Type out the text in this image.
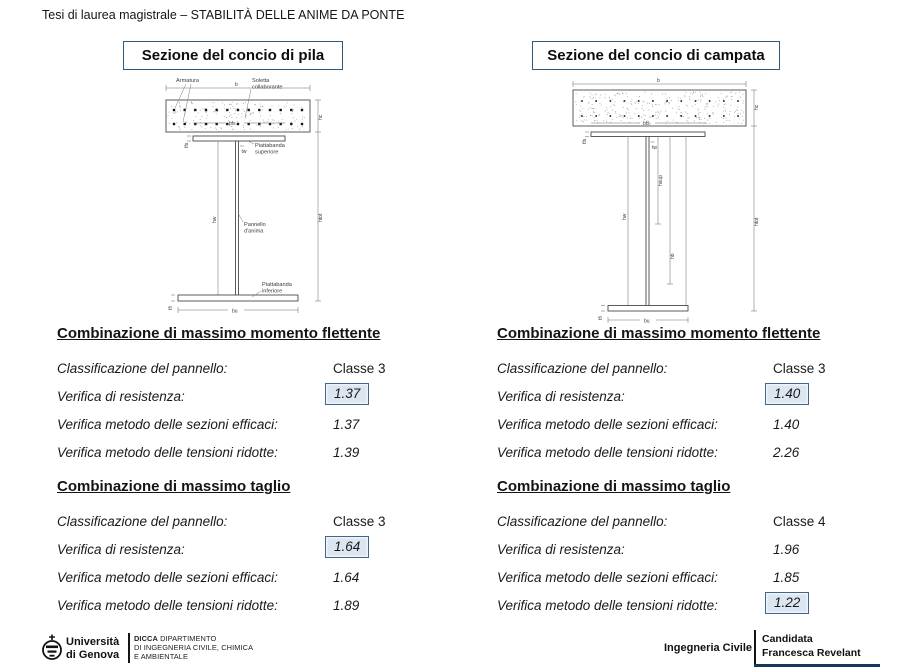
Tesi di laurea magistrale – STABILITÀ DELLE ANIME DA PONTE
Sezione del concio di pila	Sezione del concio di campata
b
bfs
hc
htot
Armatura	Soletta
collaborante
tfs
tw
Piattabanda
superiore
hw
Pannello
d'anima
Piattabanda
inferiore
tfi
bu
b
bfs
hc
htot
tfs
tw
hw
hsup
hb
tfi
bu
Combinazione di massimo momento flettente
Classificazione del pannello:	Classe 3
Verifica di resistenza:	1.37
Verifica metodo delle sezioni efficaci:	1.37
Verifica metodo delle tensioni ridotte:	1.39
Combinazione di massimo taglio
Classificazione del pannello:	Classe 3
Verifica di resistenza:	1.64
Verifica metodo delle sezioni efficaci:	1.64
Verifica metodo delle tensioni ridotte:	1.89
Combinazione di massimo momento flettente
Classificazione del pannello:	Classe 3
Verifica di resistenza:	1.40
Verifica metodo delle sezioni efficaci:	1.40
Verifica metodo delle tensioni ridotte:	2.26
Combinazione di massimo taglio
Classificazione del pannello:	Classe 4
Verifica di resistenza:	1.96
Verifica metodo delle sezioni efficaci:	1.85
Verifica metodo delle tensioni ridotte:	1.22
Università
di Genova
DICCA DIPARTIMENTO
DI INGEGNERIA CIVILE, CHIMICA
E AMBIENTALE
Ingegneria Civile
Candidata
Francesca Revelant
